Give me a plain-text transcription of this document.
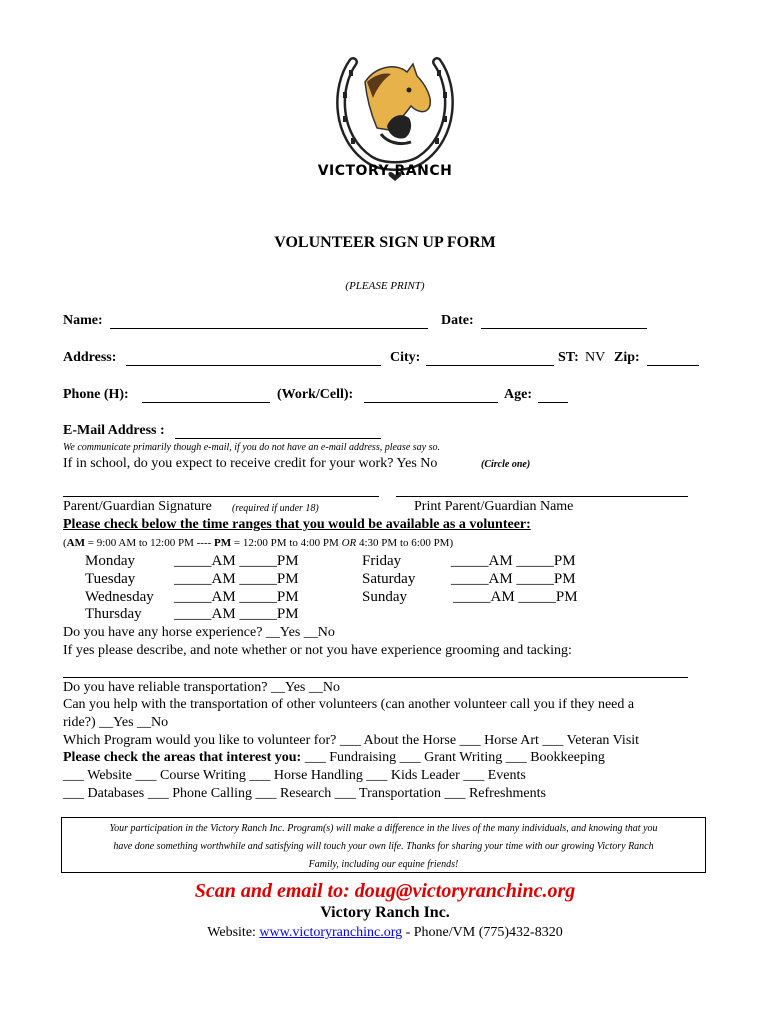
VICTORY RANCH
VOLUNTEER SIGN UP FORM
(PLEASE PRINT)
Name:	Date:
Address:	City:	ST: NV Zip:
Phone (H):	(Work/Cell):	Age:
E-Mail Address :
We communicate primarily though e-mail, if you do not have an e-mail address, please say so.
If in school, do you expect to receive credit for your work? Yes No	(Circle one)
Parent/Guardian Signature (required if under 18)	Print Parent/Guardian Name
Please check below the time ranges that you would be available as a volunteer:
(AM = 9:00 AM to 12:00 PM ---- PM = 12:00 PM to 4:00 PM OR 4:30 PM to 6:00 PM)
Monday	_____AM _____PM
Tuesday	_____AM _____PM
Wednesday _____AM _____PM
Thursday _____AM _____PM
Friday	_____AM _____PM
Saturday _____AM _____PM
Sunday	_____AM _____PM
Do you have any horse experience? __Yes __No
If yes please describe, and note whether or not you have experience grooming and tacking:
Do you have reliable transportation? __Yes __No
Can you help with the transportation of other volunteers (can another volunteer call you if they need a
ride?) __Yes __No
Which Program would you like to volunteer for? ___ About the Horse ___ Horse Art ___ Veteran Visit
Please check the areas that interest you: ___ Fundraising ___ Grant Writing ___ Bookkeeping
___ Website ___ Course Writing ___ Horse Handling ___ Kids Leader ___ Events
___ Databases ___ Phone Calling ___ Research ___ Transportation ___ Refreshments
Your participation in the Victory Ranch Inc. Program(s) will make a difference in the lives of the many individuals, and knowing that you
have done something worthwhile and satisfying will touch your own life. Thanks for sharing your time with our growing Victory Ranch
Family, including our equine friends!
Scan and email to: doug@victoryranchinc.org
Victory Ranch Inc.
Website: www.victoryranchinc.org - Phone/VM (775)432-8320
